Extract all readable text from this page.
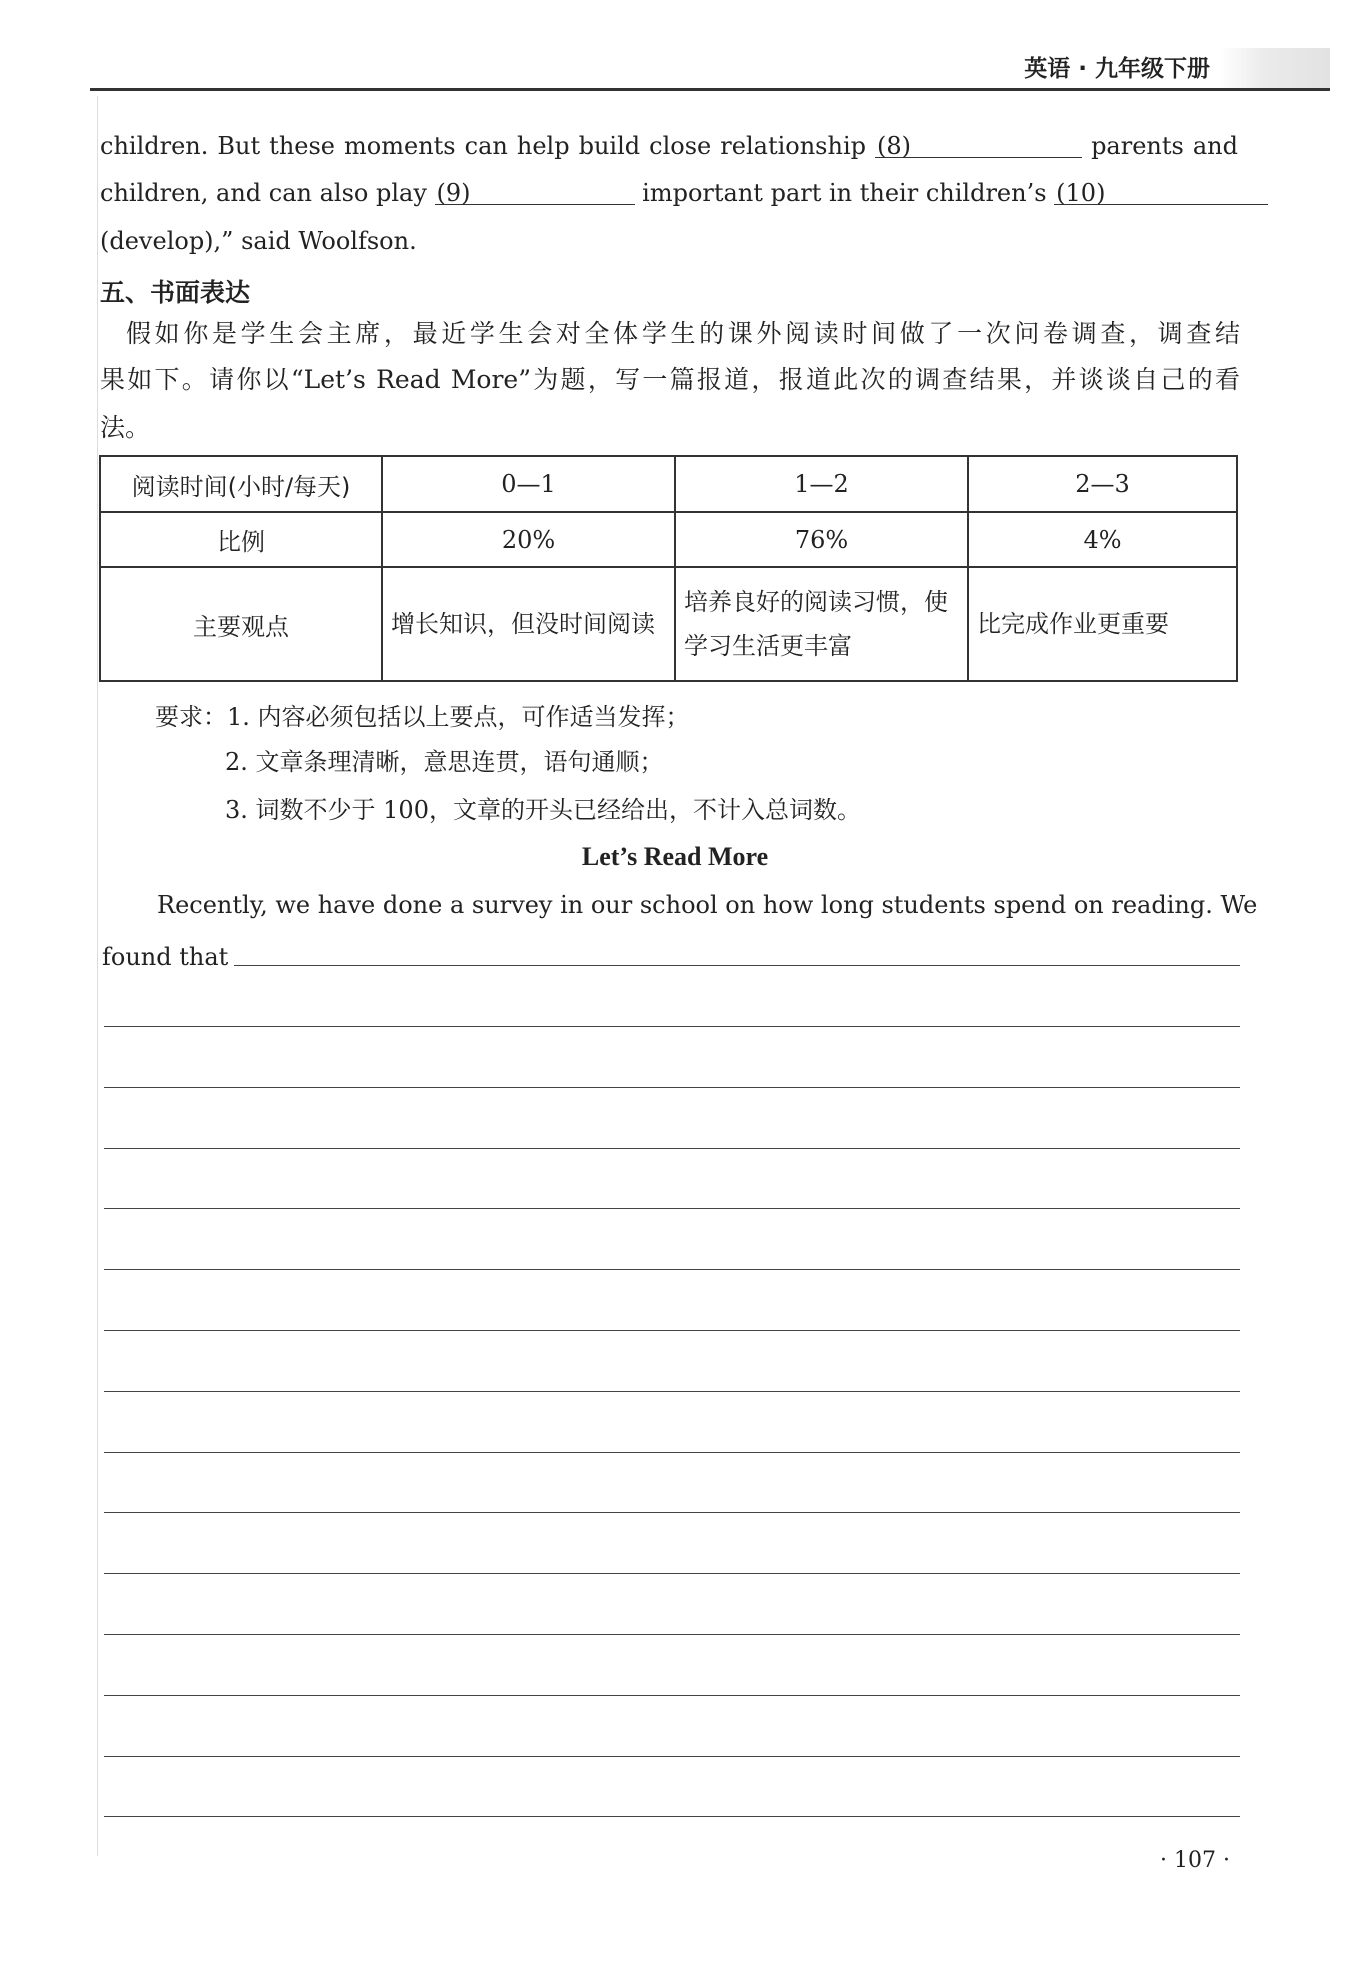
英语 · 九年级下册
children. But these moments can help build close relationship (8)	parents and
children, and can also play (9)	important part in their children’s (10)
(develop),” said Woolfson.
五、书面表达
假如你是学生会主席，最近学生会对全体学生的课外阅读时间做了一次问卷调查，调查结
果如下。请你以“Let’s Read More”为题，写一篇报道，报道此次的调查结果，并谈谈自己的看
法。
阅读时间(小时/每天)	0—1	1—2	2—3
比例	20%	76%	4%
主要观点	增长知识，但没时间阅读	培养良好的阅读习惯，使学习生活更丰富	比完成作业更重要
要求：1. 内容必须包括以上要点，可作适当发挥；
2. 文章条理清晰，意思连贯，语句通顺；
3. 词数不少于 100，文章的开头已经给出，不计入总词数。
Let’s Read More
Recently, we have done a survey in our school on how long students spend on reading. We
found that
· 107 ·
